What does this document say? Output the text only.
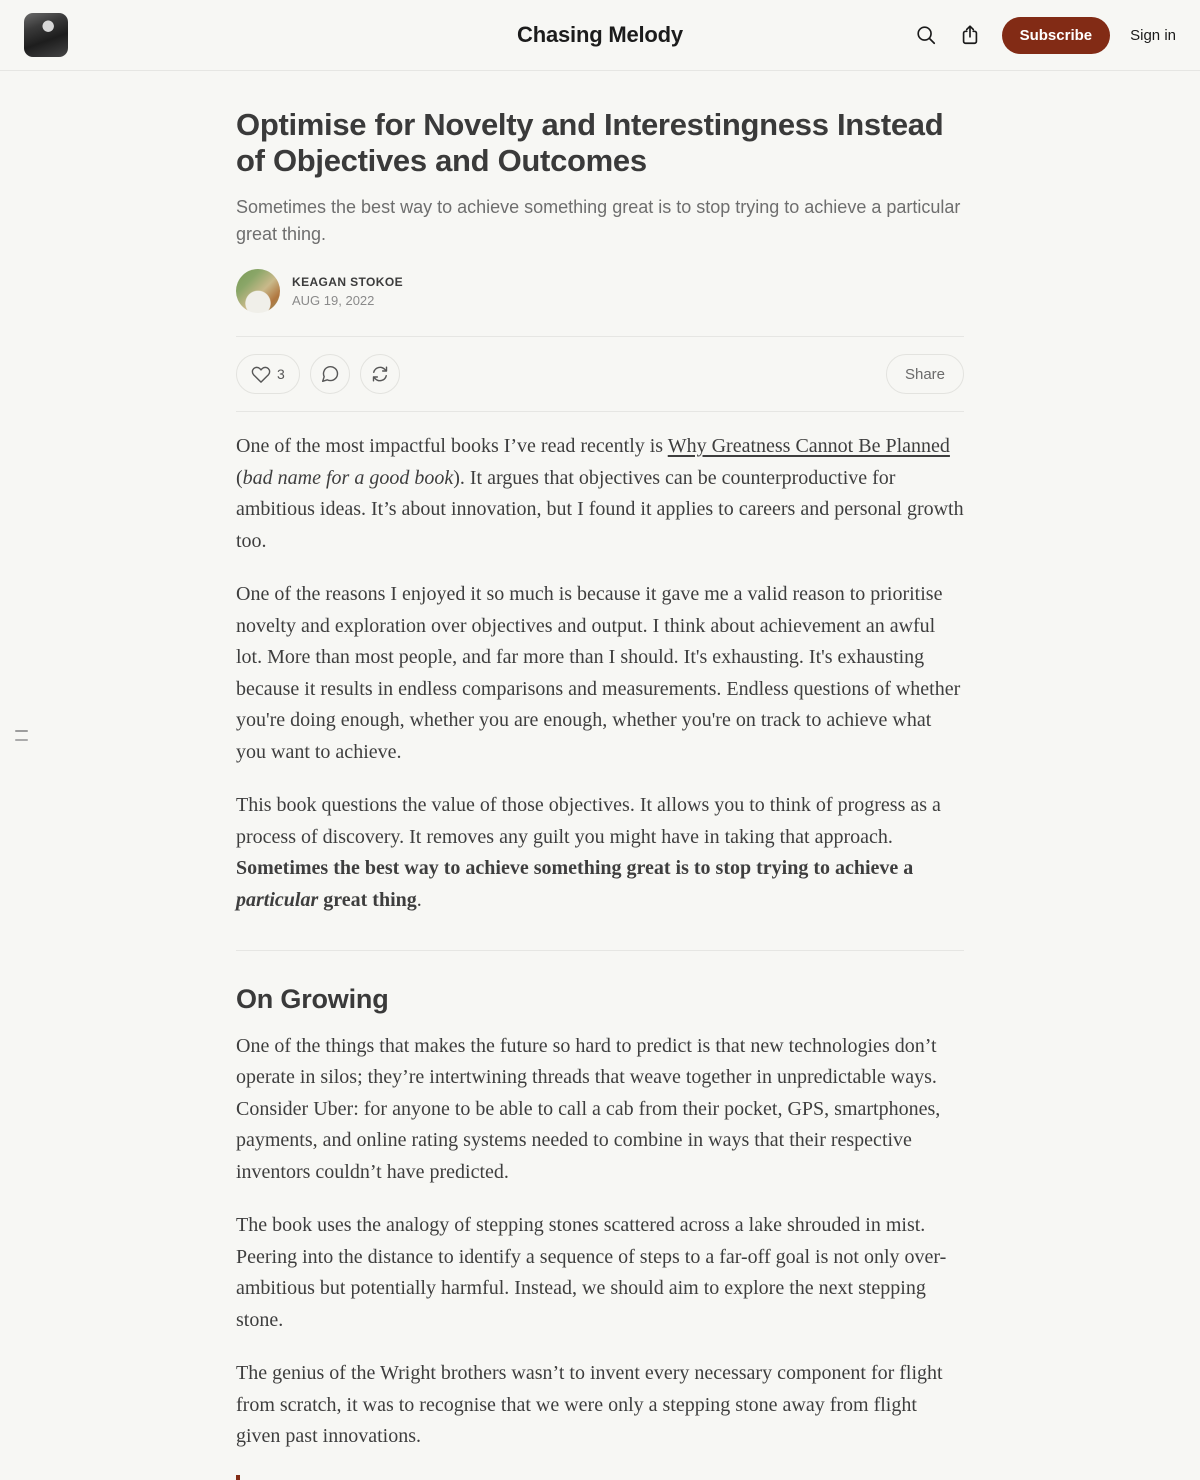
Chasing Melody	Subscribe	Sign in
Optimise for Novelty and Interestingness Instead of Objectives and Outcomes
Sometimes the best way to achieve something great is to stop trying to achieve a particular great thing.
KEAGAN STOKOE
AUG 19, 2022
3	Share

One of the most impactful books I’ve read recently is Why Greatness Cannot Be Planned (bad name for a good book). It argues that objectives can be counterproductive for ambitious ideas. It’s about innovation, but I found it applies to careers and personal growth too.

One of the reasons I enjoyed it so much is because it gave me a valid reason to prioritise novelty and exploration over objectives and output. I think about achievement an awful lot. More than most people, and far more than I should. It's exhausting. It's exhausting because it results in endless comparisons and measurements. Endless questions of whether you're doing enough, whether you are enough, whether you're on track to achieve what you want to achieve.

This book questions the value of those objectives. It allows you to think of progress as a process of discovery. It removes any guilt you might have in taking that approach. Sometimes the best way to achieve something great is to stop trying to achieve a particular great thing.

On Growing

One of the things that makes the future so hard to predict is that new technologies don’t operate in silos; they’re intertwining threads that weave together in unpredictable ways. Consider Uber: for anyone to be able to call a cab from their pocket, GPS, smartphones, payments, and online rating systems needed to combine in ways that their respective inventors couldn’t have predicted.

The book uses the analogy of stepping stones scattered across a lake shrouded in mist. Peering into the distance to identify a sequence of steps to a far-off goal is not only over-ambitious but potentially harmful. Instead, we should aim to explore the next stepping stone.

The genius of the Wright brothers wasn’t to invent every necessary component for flight from scratch, it was to recognise that we were only a stepping stone away from flight given past innovations.
